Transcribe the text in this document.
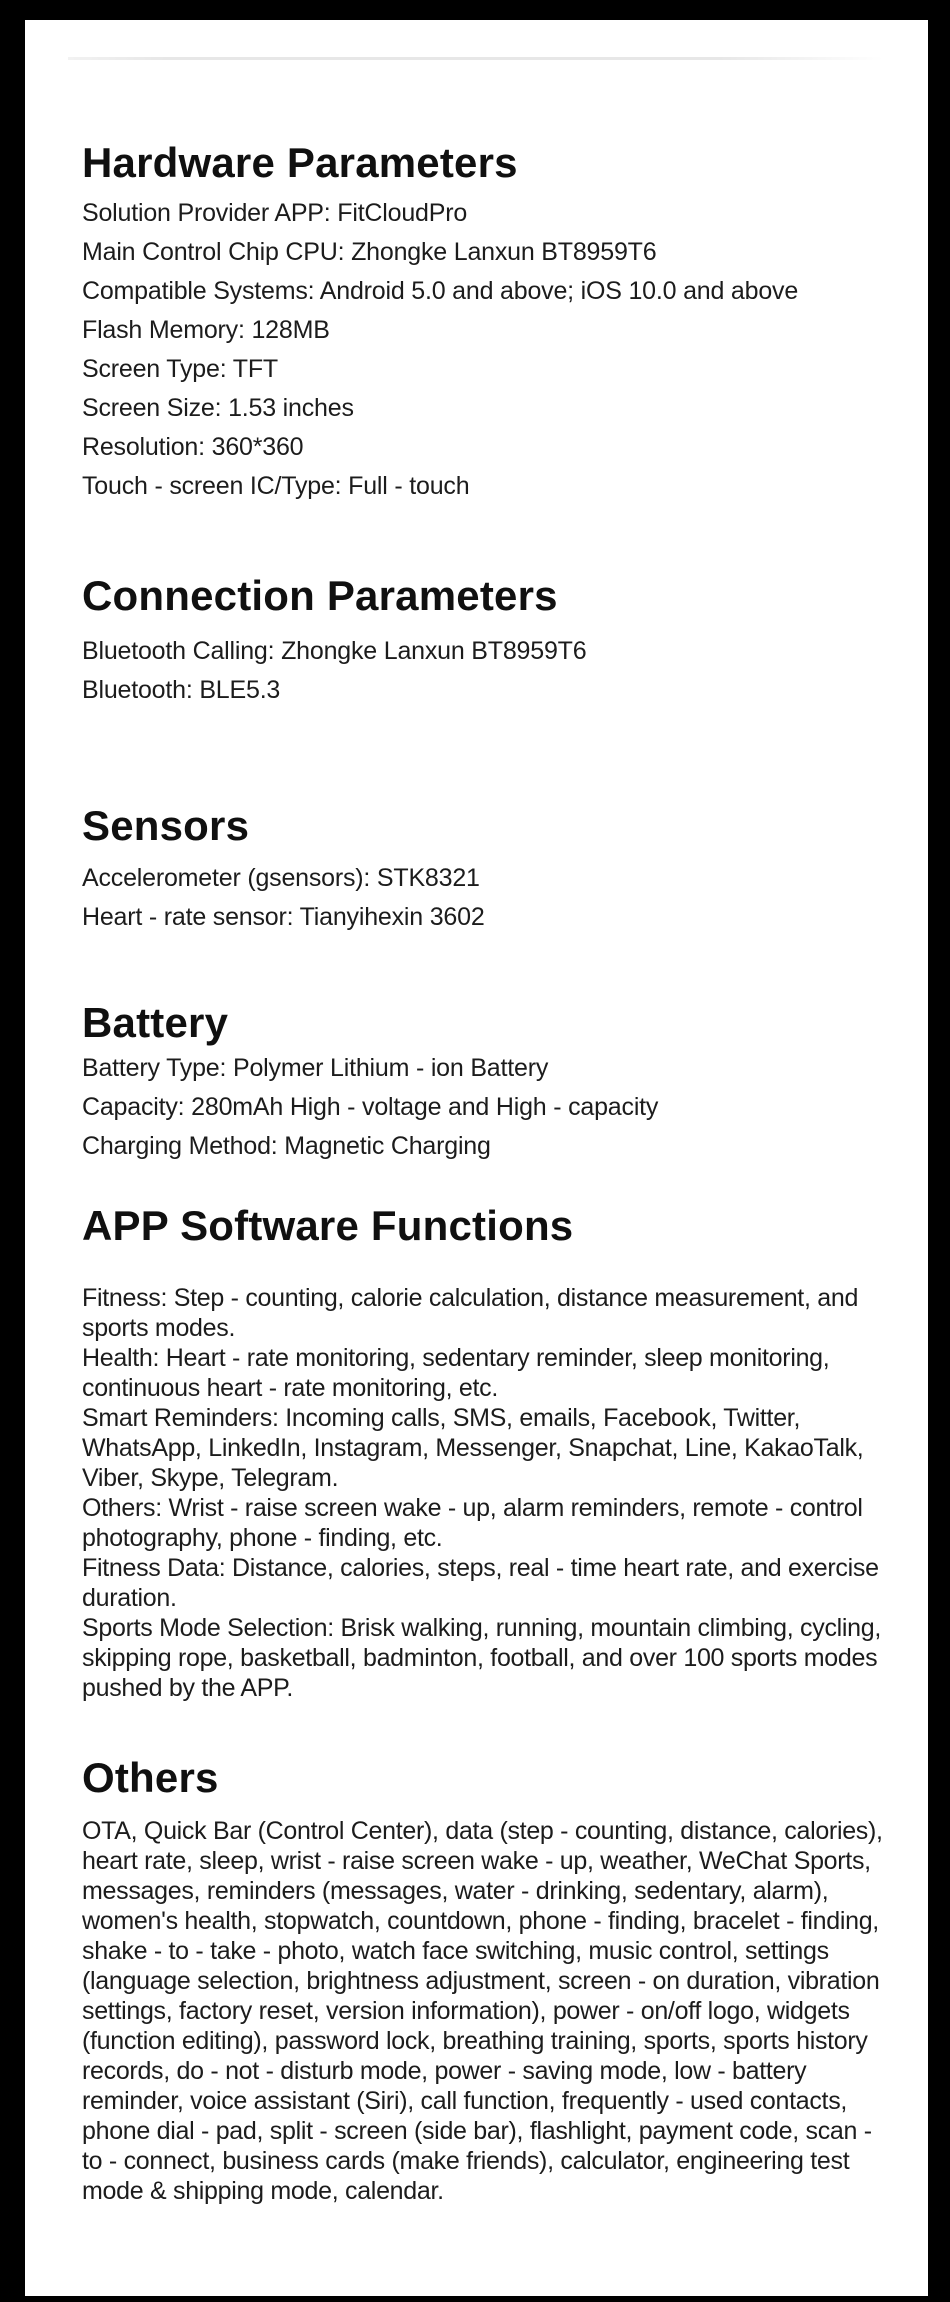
Hardware Parameters
Solution Provider APP: FitCloudPro
Main Control Chip CPU: Zhongke Lanxun BT8959T6
Compatible Systems: Android 5.0 and above; iOS 10.0 and above
Flash Memory: 128MB
Screen Type: TFT
Screen Size: 1.53 inches
Resolution: 360*360
Touch - screen IC/Type: Full - touch
Connection Parameters
Bluetooth Calling: Zhongke Lanxun BT8959T6
Bluetooth: BLE5.3
Sensors
Accelerometer (gsensors): STK8321
Heart - rate sensor: Tianyihexin 3602
Battery
Battery Type: Polymer Lithium - ion Battery
Capacity: 280mAh High - voltage and High - capacity
Charging Method: Magnetic Charging
APP Software Functions

Fitness: Step - counting, calorie calculation, distance measurement, and sports modes.

Health: Heart - rate monitoring, sedentary reminder, sleep monitoring, continuous heart - rate monitoring, etc.

Smart Reminders: Incoming calls, SMS, emails, Facebook, Twitter, WhatsApp, LinkedIn, Instagram, Messenger, Snapchat, Line, KakaoTalk, Viber, Skype, Telegram.

Others: Wrist - raise screen wake - up, alarm reminders, remote - control photography, phone - finding, etc.

Fitness Data: Distance, calories, steps, real - time heart rate, and exercise duration.

Sports Mode Selection: Brisk walking, running, mountain climbing, cycling, skipping rope, basketball, badminton, football, and over 100 sports modes pushed by the APP.

Others

OTA, Quick Bar (Control Center), data (step - counting, distance, calories), heart rate, sleep, wrist - raise screen wake - up, weather, WeChat Sports, messages, reminders (messages, water - drinking, sedentary, alarm), women's health, stopwatch, countdown, phone - finding, bracelet - finding, shake - to - take - photo, watch face switching, music control, settings (language selection, brightness adjustment, screen - on duration, vibration settings, factory reset, version information), power - on/off logo, widgets (function editing), password lock, breathing training, sports, sports history records, do - not - disturb mode, power - saving mode, low - battery reminder, voice assistant (Siri), call function, frequently - used contacts, phone dial - pad, split - screen (side bar), flashlight, payment code, scan - to - connect, business cards (make friends), calculator, engineering test mode & shipping mode, calendar.
